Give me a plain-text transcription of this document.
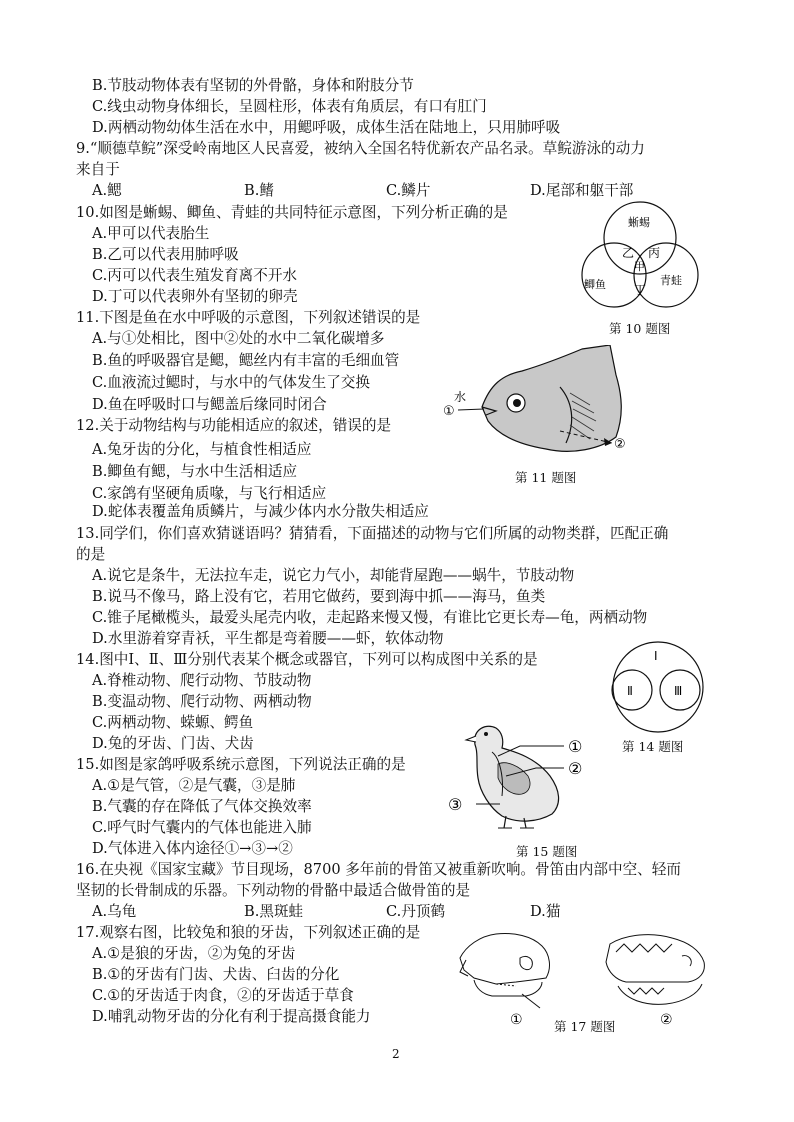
B.节肢动物体表有坚韧的外骨骼，身体和附肢分节
C.线虫动物身体细长，呈圆柱形，体表有角质层，有口有肛门
D.两栖动物幼体生活在水中，用鳃呼吸，成体生活在陆地上，只用肺呼吸
9.“顺德草鲩”深受岭南地区人民喜爱，被纳入全国名特优新农产品名录。草鲩游泳的动力
来自于
A.鳃	B.鳍	C.鳞片	D.尾部和躯干部
10.如图是蜥蜴、鲫鱼、青蛙的共同特征示意图，下列分析正确的是
A.甲可以代表胎生
B.乙可以代表用肺呼吸
C.丙可以代表生殖发育离不开水
D.丁可以代表卵外有坚韧的卵壳
11.下图是鱼在水中呼吸的示意图，下列叙述错误的是
A.与①处相比，图中②处的水中二氧化碳增多
B.鱼的呼吸器官是鳃，鳃丝内有丰富的毛细血管
C.血液流过鳃时，与水中的气体发生了交换
D.鱼在呼吸时口与鳃盖后缘同时闭合
12.关于动物结构与功能相适应的叙述，错误的是
A.兔牙齿的分化，与植食性相适应
B.鲫鱼有鳃，与水中生活相适应
C.家鸽有坚硬角质喙，与飞行相适应
D.蛇体表覆盖角质鳞片，与减少体内水分散失相适应
13.同学们，你们喜欢猜谜语吗？猜猜看，下面描述的动物与它们所属的动物类群，匹配正确
的是
A.说它是条牛，无法拉车走，说它力气小，却能背屋跑——蜗牛，节肢动物
B.说马不像马，路上没有它，若用它做药，要到海中抓——海马，鱼类
C.锥子尾橄榄头，最爱头尾壳内收，走起路来慢又慢，有谁比它更长寿—龟，两栖动物
D.水里游着穿青袄，平生都是弯着腰——虾，软体动物
14.图中Ⅰ、Ⅱ、Ⅲ分别代表某个概念或器官，下列可以构成图中关系的是
A.脊椎动物、爬行动物、节肢动物
B.变温动物、爬行动物、两栖动物
C.两栖动物、蝾螈、鳄鱼
D.兔的牙齿、门齿、犬齿
15.如图是家鸽呼吸系统示意图，下列说法正确的是
A.①是气管，②是气囊，③是肺
B.气囊的存在降低了气体交换效率
C.呼气时气囊内的气体也能进入肺
D.气体进入体内途径①→③→②
16.在央视《国家宝藏》节目现场，8700 多年前的骨笛又被重新吹响。骨笛由内部中空、轻而
坚韧的长骨制成的乐器。下列动物的骨骼中最适合做骨笛的是
A.乌龟	B.黑斑蛙	C.丹顶鹤	D.猫
17.观察右图，比较兔和狼的牙齿，下列叙述正确的是
A.①是狼的牙齿，②为兔的牙齿
B.①的牙齿有门齿、犬齿、臼齿的分化
C.①的牙齿适于肉食，②的牙齿适于草食
D.哺乳动物牙齿的分化有利于提高摄食能力
2
蜥蜴
鲫鱼	青蛙
甲
乙 丙
丁
第 10 题图
水
①
②
第 11 题图
Ⅰ
Ⅱ	Ⅲ
第 14 题图
①
②
③
第 15 题图
①	②
第 17 题图
